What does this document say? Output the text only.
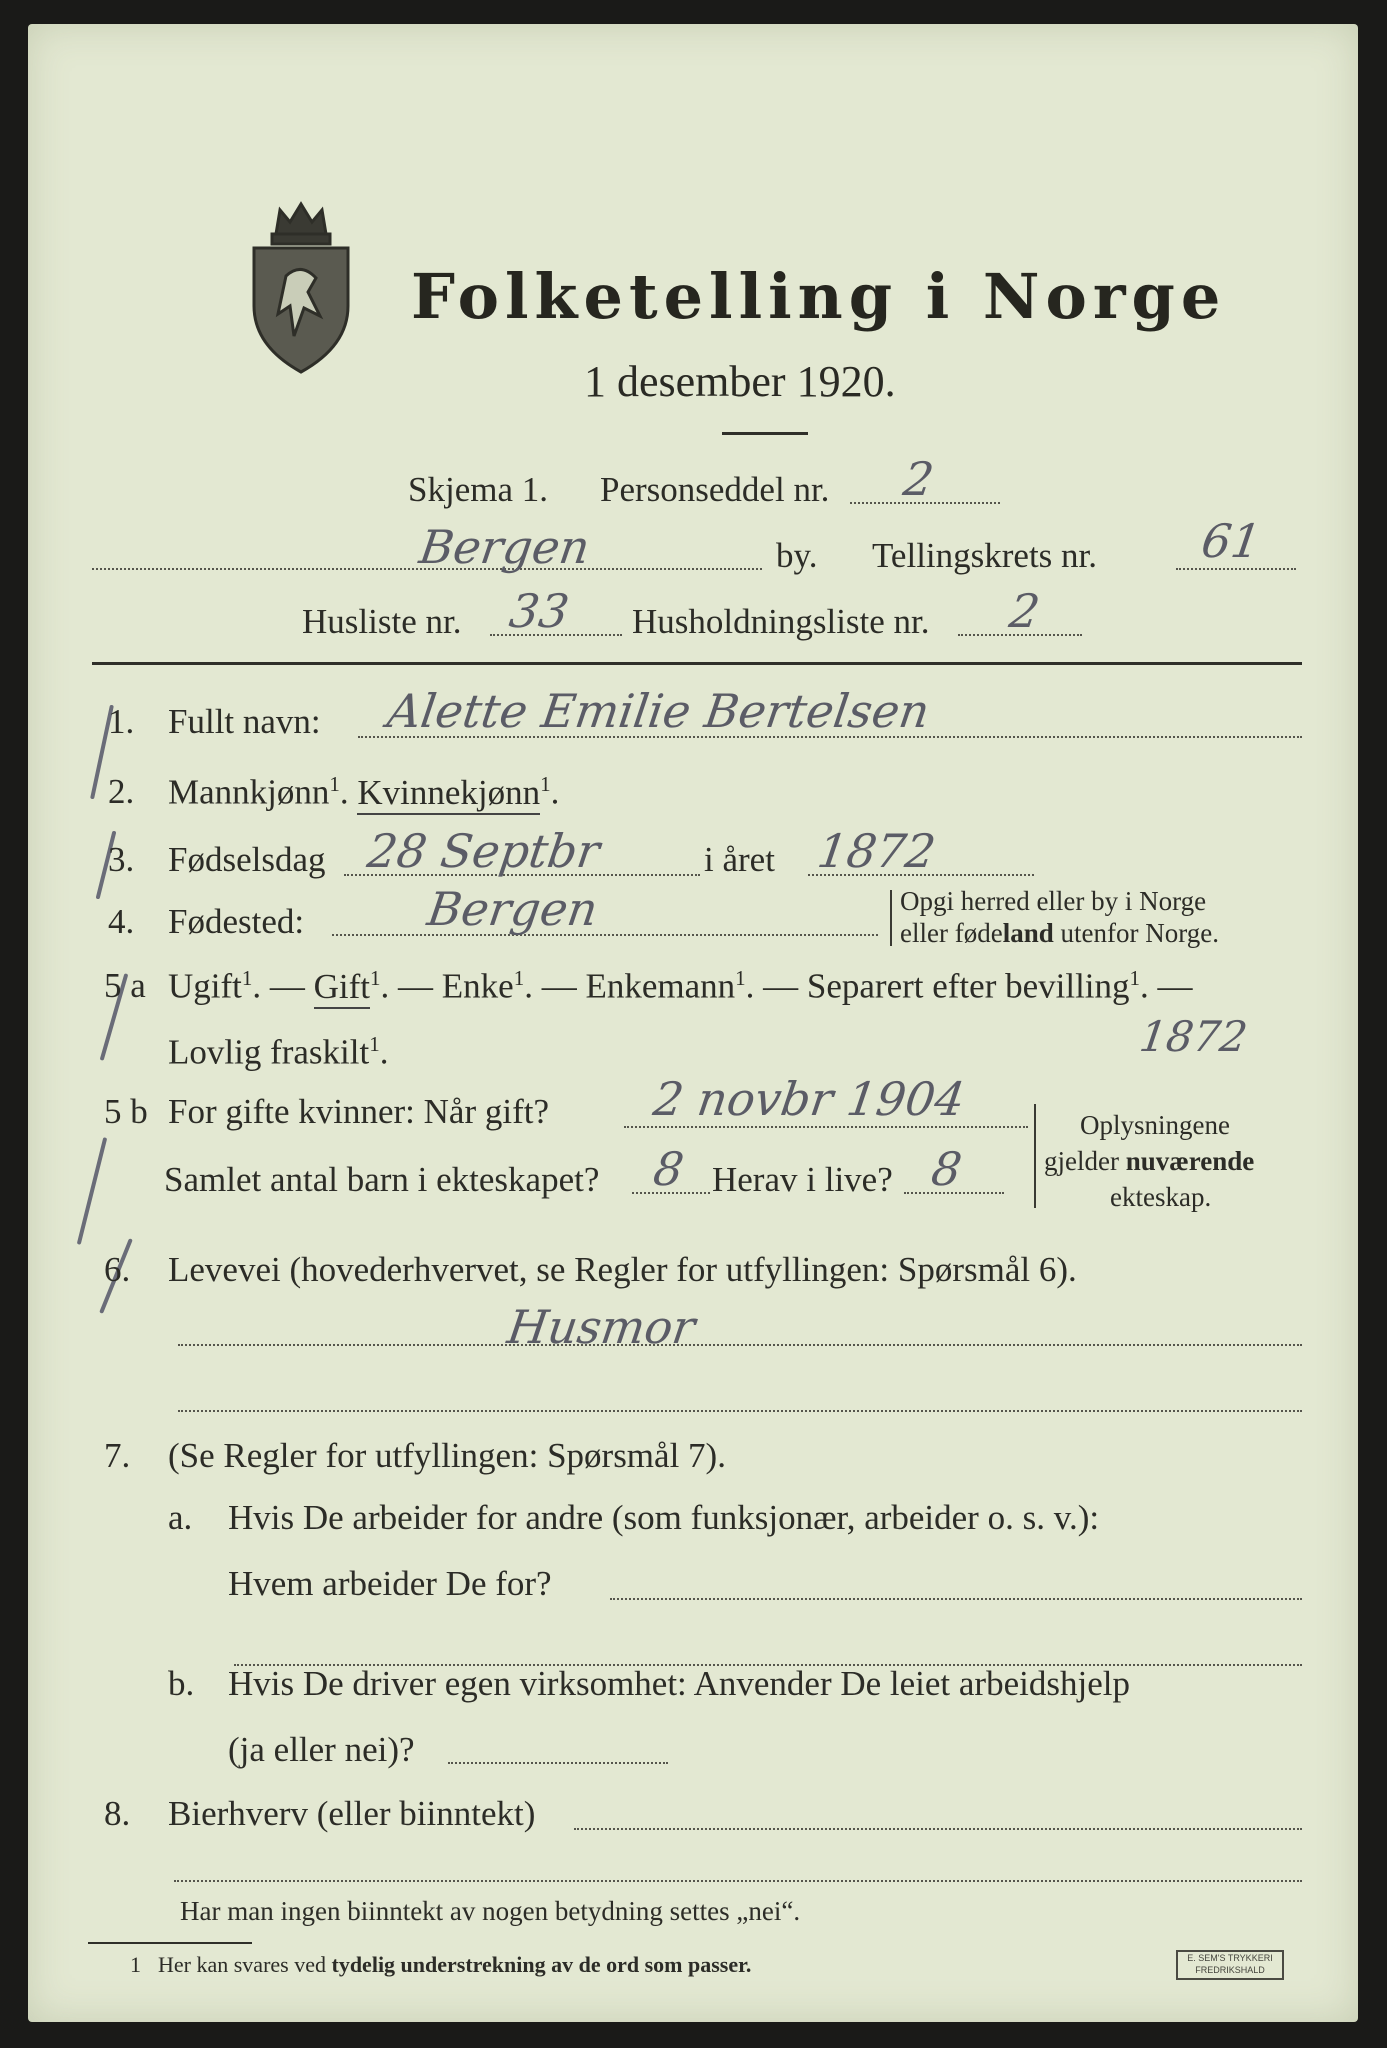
Folketelling i Norge
1 desember 1920.
Skjema 1. Personseddel nr. 2
Bergen	by. Tellingskrets nr. 61
Husliste nr. 33 Husholdningsliste nr. 2
1. Fullt navn: Alette Emilie Bertelsen
2. Mannkjønn$^1$. Kvinnekjønn$^1$.
3. Fødselsdag 28 Septbr	i året 1872
4. Fødested:	Bergen	Opgi herred eller by i Norge
eller fødeland utenfor Norge.
5 a Ugift$^1$. — Gift$^1$. — Enke$^1$. — Enkemann$^1$. — Separert efter bevilling$^1$. —
Lovlig fraskilt$^1$.	1872
5 b For gifte kvinner: Når gift? 2 novbr 1904
Samlet antal barn i ekteskapet? 8 Herav i live? 8
Oplysningene
gjelder nuværende
ekteskap.
6. Levevei (hovederhvervet, se Regler for utfyllingen: Spørsmål 6).
Husmor
7. (Se Regler for utfyllingen: Spørsmål 7).
a. Hvis De arbeider for andre (som funksjonær, arbeider o. s. v.):
Hvem arbeider De for?
b. Hvis De driver egen virksomhet: Anvender De leiet arbeidshjelp
(ja eller nei)?
8. Bierhverv (eller biinntekt)
Har man ingen biinntekt av nogen betydning settes „nei“.
1 Her kan svares ved tydelig understrekning av de ord som passer.	E. SEM'S TRYKKERI FREDRIKSHALD
